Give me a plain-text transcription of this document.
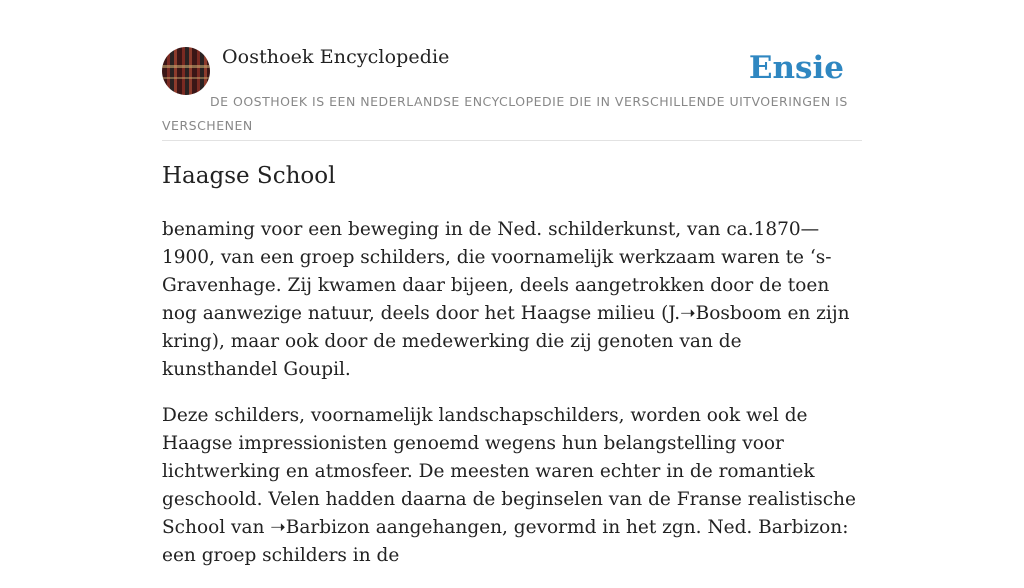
Oosthoek Encyclopedie	Ensie
DE OOSTHOEK IS EEN NEDERLANDSE ENCYCLOPEDIE DIE IN VERSCHILLENDE UITVOERINGEN IS VERSCHENEN
Haagse School

benaming voor een beweging in de Ned. schilderkunst, van ca.1870—1900, van een groep schilders, die voornamelijk werkzaam waren te ‘s-Gravenhage. Zij kwamen daar bijeen, deels aangetrokken door de toen nog aanwezige natuur, deels door het Haagse milieu (J.➝Bosboom en zijn kring), maar ook door de medewerking die zij genoten van de kunsthandel Goupil.

Deze schilders, voornamelijk landschapschilders, worden ook wel de Haagse impressionisten genoemd wegens hun belangstelling voor lichtwerking en atmosfeer. De meesten waren echter in de romantiek geschoold. Velen hadden daarna de beginselen van de Franse realistische School van ➝Barbizon aangehangen, gevormd in het zgn. Ned. Barbizon: een groep schilders in de
